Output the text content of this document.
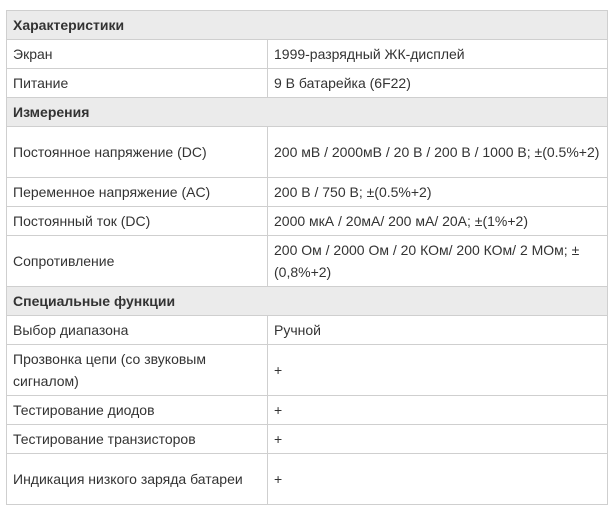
Характеристики	
Экран	1999-разрядный ЖК-дисплей
Питание	9 В батарейка (6F22)
Измерения	
Постоянное напряжение (DC)	200 мВ / 2000мВ / 20 В / 200 В / 1000 В; ±(0.5%+2)
Переменное напряжение (AC)	200 В / 750 В; ±(0.5%+2)
Постоянный ток (DC)	2000 мкА / 20мА/ 200 мА/ 20А; ±(1%+2)
Сопротивление	200 Ом / 2000 Ом / 20 КОм/ 200 КОм/ 2 МОм; ±(0,8%+2)
Специальные функции	
Выбор диапазона	Ручной
Прозвонка цепи (со звуковым сигналом)	+
Тестирование диодов	+
Тестирование транзисторов	+
Индикация низкого заряда батареи	+
